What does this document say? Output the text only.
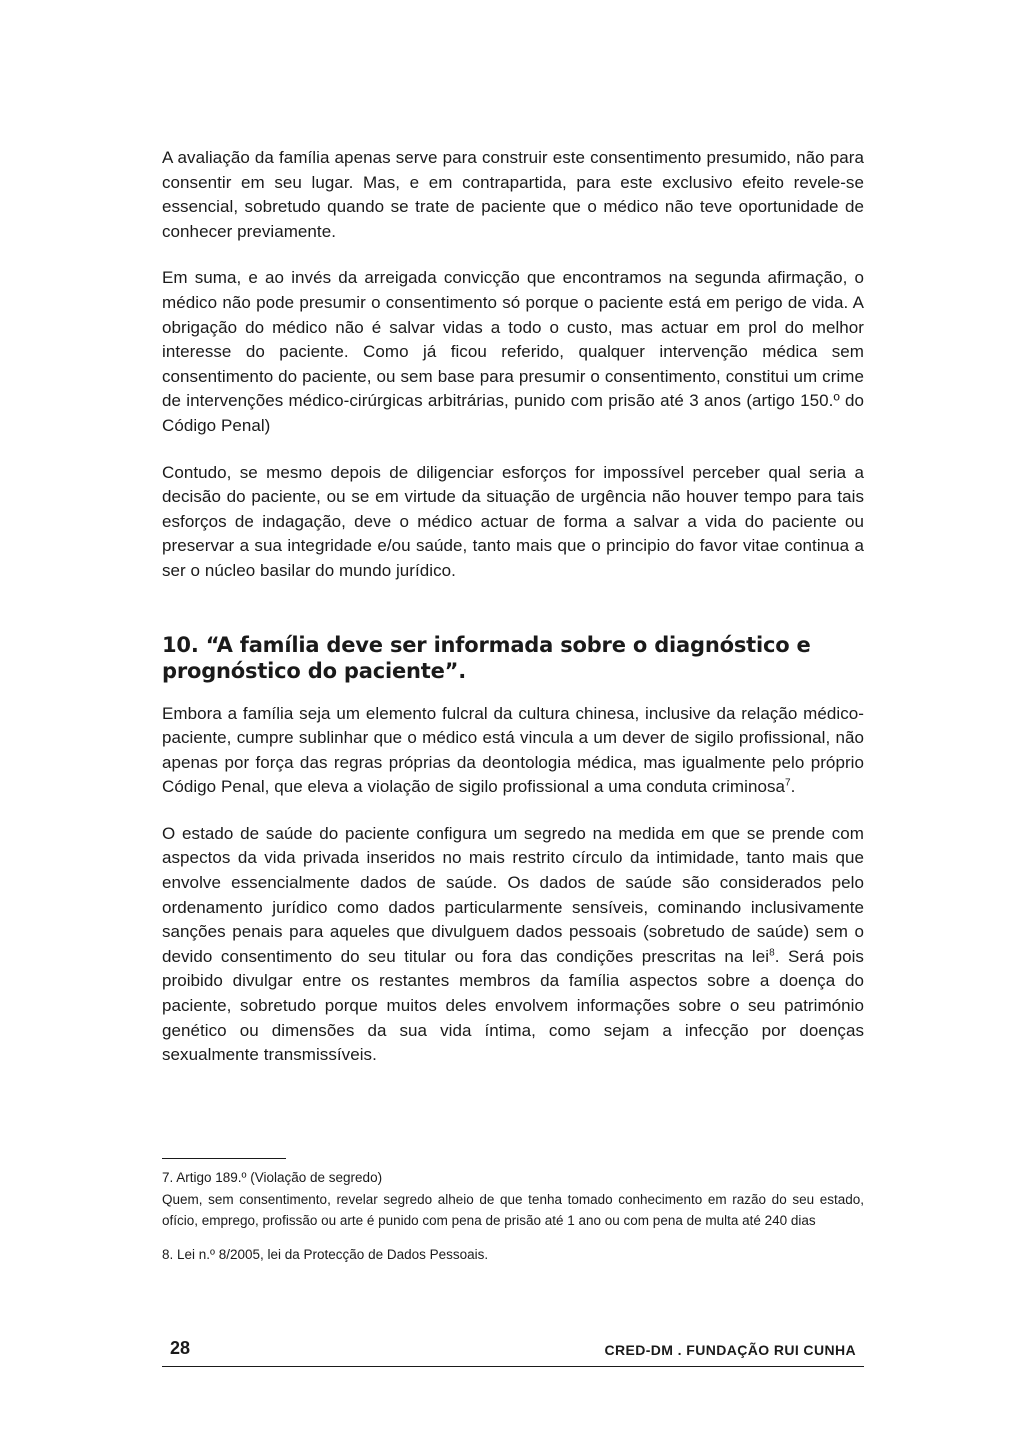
A avaliação da família apenas serve para construir este consentimento presumido, não para consentir em seu lugar. Mas, e em contrapartida, para este exclusivo efeito revele-se essencial, sobretudo quando se trate de paciente que o médico não teve oportunidade de conhecer previamente.

Em suma, e ao invés da arreigada convicção que encontramos na segunda afirmação, o médico não pode presumir o consentimento só porque o paciente está em perigo de vida. A obrigação do médico não é salvar vidas a todo o custo, mas actuar em prol do melhor interesse do paciente. Como já ficou referido, qualquer intervenção médica sem consentimento do paciente, ou sem base para presumir o consentimento, constitui um crime de intervenções médico-cirúrgicas arbitrárias, punido com prisão até 3 anos (artigo 150.º do Código Penal)

Contudo, se mesmo depois de diligenciar esforços for impossível perceber qual seria a decisão do paciente, ou se em virtude da situação de urgência não houver tempo para tais esforços de indagação, deve o médico actuar de forma a salvar a vida do paciente ou preservar a sua integridade e/ou saúde, tanto mais que o principio do favor vitae continua a ser o núcleo basilar do mundo jurídico.

10. “A família deve ser informada sobre o diagnóstico e prognóstico do paciente”.

Embora a família seja um elemento fulcral da cultura chinesa, inclusive da relação médico-paciente, cumpre sublinhar que o médico está vincula a um dever de sigilo profissional, não apenas por força das regras próprias da deontologia médica, mas igualmente pelo próprio Código Penal, que eleva a violação de sigilo profissional a uma conduta criminosa$^7$.

O estado de saúde do paciente configura um segredo na medida em que se prende com aspectos da vida privada inseridos no mais restrito círculo da intimidade, tanto mais que envolve essencialmente dados de saúde. Os dados de saúde são considerados pelo ordenamento jurídico como dados particularmente sensíveis, cominando inclusivamente sanções penais para aqueles que divulguem dados pessoais (sobretudo de saúde) sem o devido consentimento do seu titular ou fora das condições prescritas na lei$^8$. Será pois proibido divulgar entre os restantes membros da família aspectos sobre a doença do paciente, sobretudo porque muitos deles envolvem informações sobre o seu património genético ou dimensões da sua vida íntima, como sejam a infecção por doenças sexualmente transmissíveis.

7. Artigo 189.º (Violação de segredo)

Quem, sem consentimento, revelar segredo alheio de que tenha tomado conhecimento em razão do seu estado, ofício, emprego, profissão ou arte é punido com pena de prisão até 1 ano ou com pena de multa até 240 dias

8. Lei n.º 8/2005, lei da Protecção de Dados Pessoais.

28	CRED-DM . FUNDAÇÃO RUI CUNHA
